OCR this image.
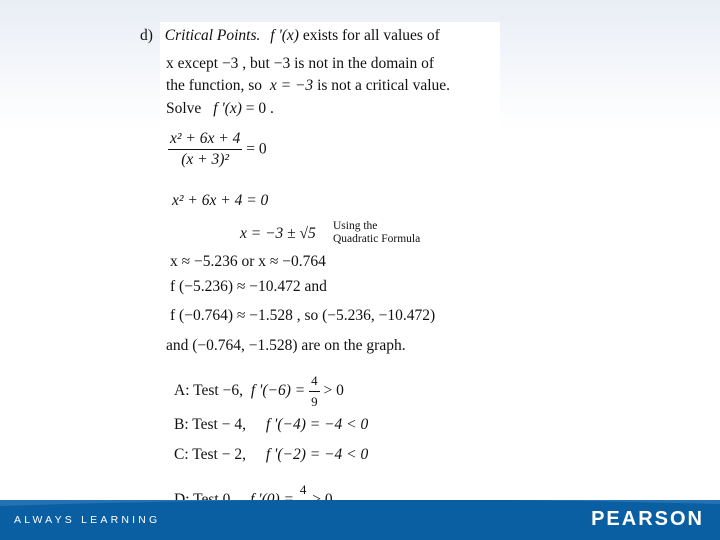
d) Critical Points. f '(x) exists for all values of
x except −3 , but −3 is not in the domain of
the function, so x = −3 is not a critical value.
Solve f '(x) = 0 .
$\frac{\text{x² + 6x + 4}}{\text{(x + 3)²}} = 0$
x² + 6x + 4 = 0
x = −3 ± √5 Using the
Quadratic Formula
x ≈ −5.236 or x ≈ −0.764
f (−5.236) ≈ −10.472 and
f (−0.764) ≈ −1.528 , so (−5.236, −10.472)
and (−0.764, −1.528) are on the graph.
A: Test −6, f '$(-6) = \frac{4}{9} > 0$
B: Test − 4, f '(−4) = −4 < 0
C: Test − 2, f '(−2) = −4 < 0
4
ALWAYS LEARNING	PEARSON
